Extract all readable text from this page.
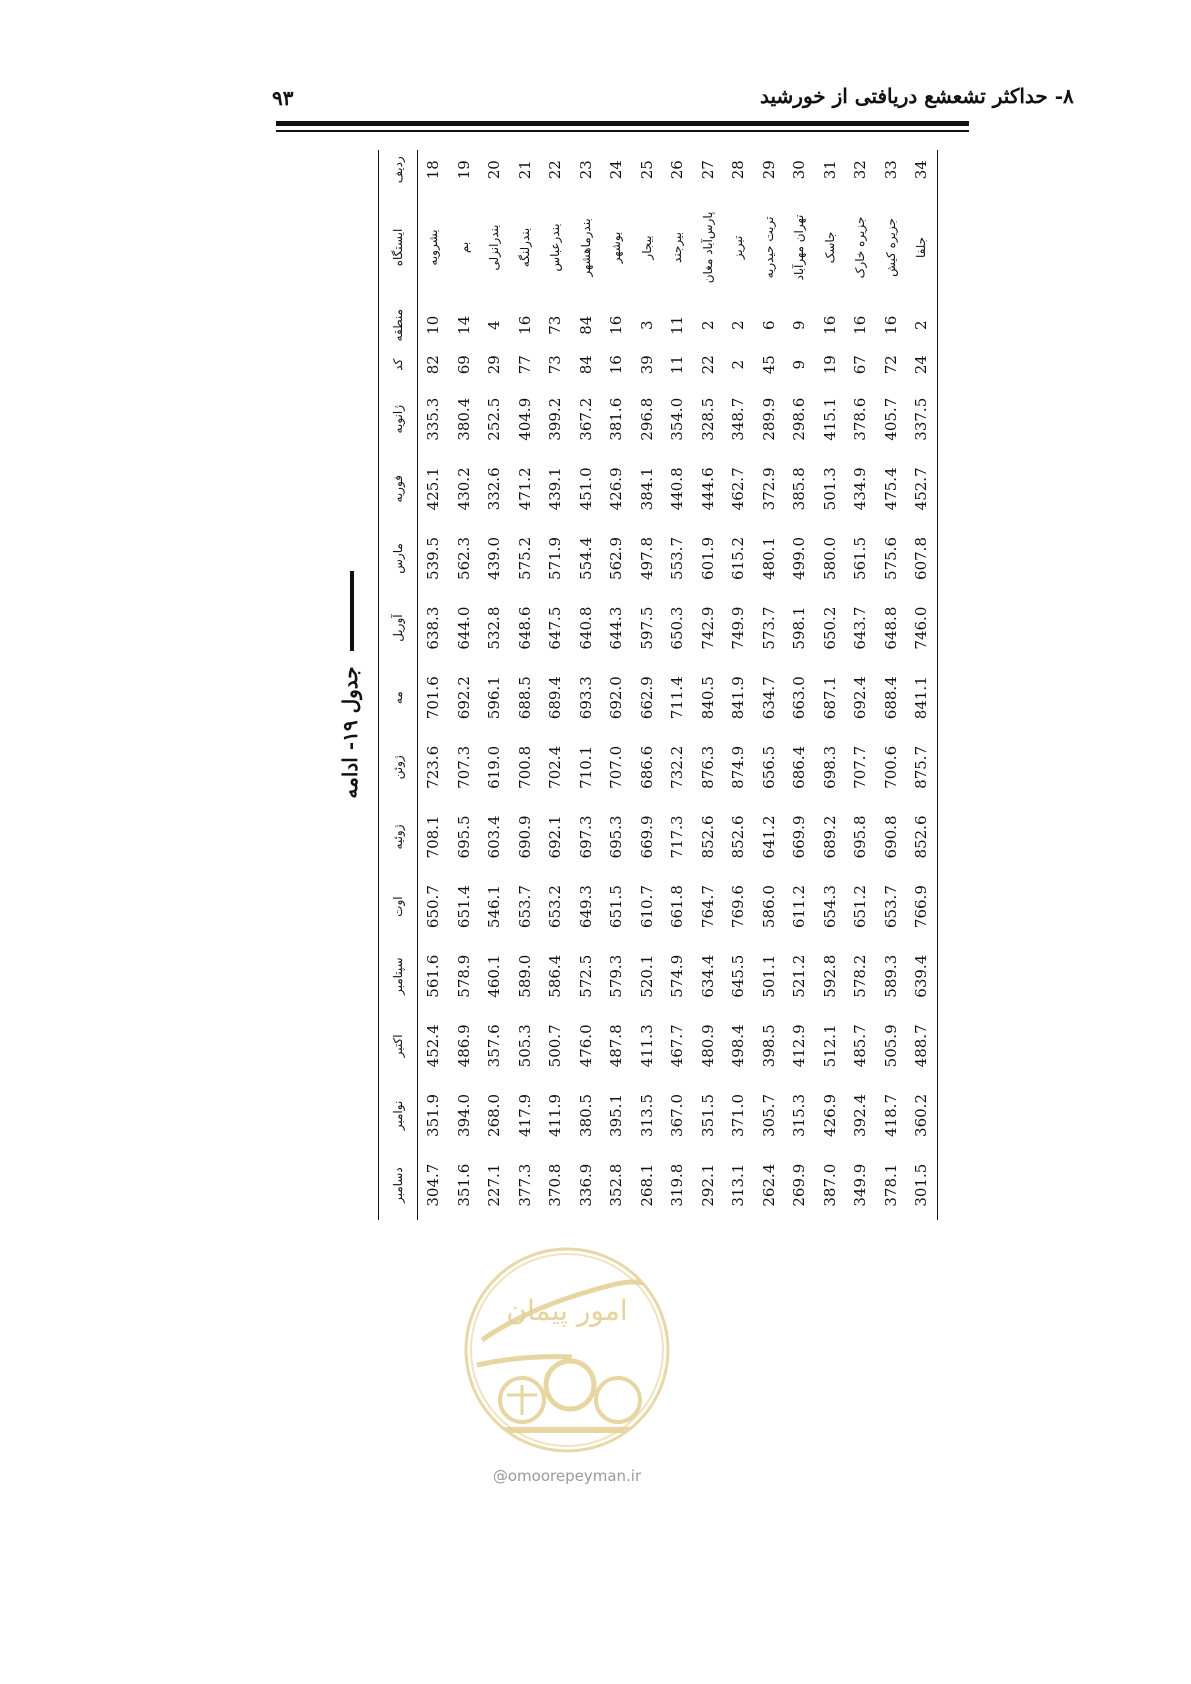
۹۳	۸- حداکثر تشعشع دریافتی از خورشید
جدول ۱۹- ادامه
ردیف	ایستگاه	منطقه	کد	ژانویه	فوریه	مارس	آوریل	مه	ژوئن	ژوئیه	اوت	سپتامبر	اکتبر	نوامبر	دسامبر
18	بشرویه	10	82	335.3	425.1	539.5	638.3	701.6	723.6	708.1	650.7	561.6	452.4	351.9	304.7
19	بم	14	69	380.4	430.2	562.3	644.0	692.2	707.3	695.5	651.4	578.9	486.9	394.0	351.6
20	بندرانزلی	4	29	252.5	332.6	439.0	532.8	596.1	619.0	603.4	546.1	460.1	357.6	268.0	227.1
21	بندرلنگه	16	77	404.9	471.2	575.2	648.6	688.5	700.8	690.9	653.7	589.0	505.3	417.9	377.3
22	بندرعباس	73	73	399.2	439.1	571.9	647.5	689.4	702.4	692.1	653.2	586.4	500.7	411.9	370.8
23	بندرماهشهر	84	84	367.2	451.0	554.4	640.8	693.3	710.1	697.3	649.3	572.5	476.0	380.5	336.9
24	بوشهر	16	16	381.6	426.9	562.9	644.3	692.0	707.0	695.3	651.5	579.3	487.8	395.1	352.8
25	بیجار	3	39	296.8	384.1	497.8	597.5	662.9	686.6	669.9	610.7	520.1	411.3	313.5	268.1
26	بیرجند	11	11	354.0	440.8	553.7	650.3	711.4	732.2	717.3	661.8	574.9	467.7	367.0	319.8
27	پارس‌آباد مغان	2	22	328.5	444.6	601.9	742.9	840.5	876.3	852.6	764.7	634.4	480.9	351.5	292.1
28	تبریز	2	2	348.7	462.7	615.2	749.9	841.9	874.9	852.6	769.6	645.5	498.4	371.0	313.1
29	تربت حیدریه	6	45	289.9	372.9	480.1	573.7	634.7	656.5	641.2	586.0	501.1	398.5	305.7	262.4
30	تهران مهرآباد	9	9	298.6	385.8	499.0	598.1	663.0	686.4	669.9	611.2	521.2	412.9	315.3	269.9
31	جاسک	16	19	415.1	501.3	580.0	650.2	687.1	698.3	689.2	654.3	592.8	512.1	426.9	387.0
32	جزیره خارک	16	67	378.6	434.9	561.5	643.7	692.4	707.7	695.8	651.2	578.2	485.7	392.4	349.9
33	جزیره کیش	16	72	405.7	475.4	575.6	648.8	688.4	700.6	690.8	653.7	589.3	505.9	418.7	378.1
34	جلفا	2	24	337.5	452.7	607.8	746.0	841.1	875.7	852.6	766.9	639.4	488.7	360.2	301.5
امور پیمان
@omoorepeyman.ir
